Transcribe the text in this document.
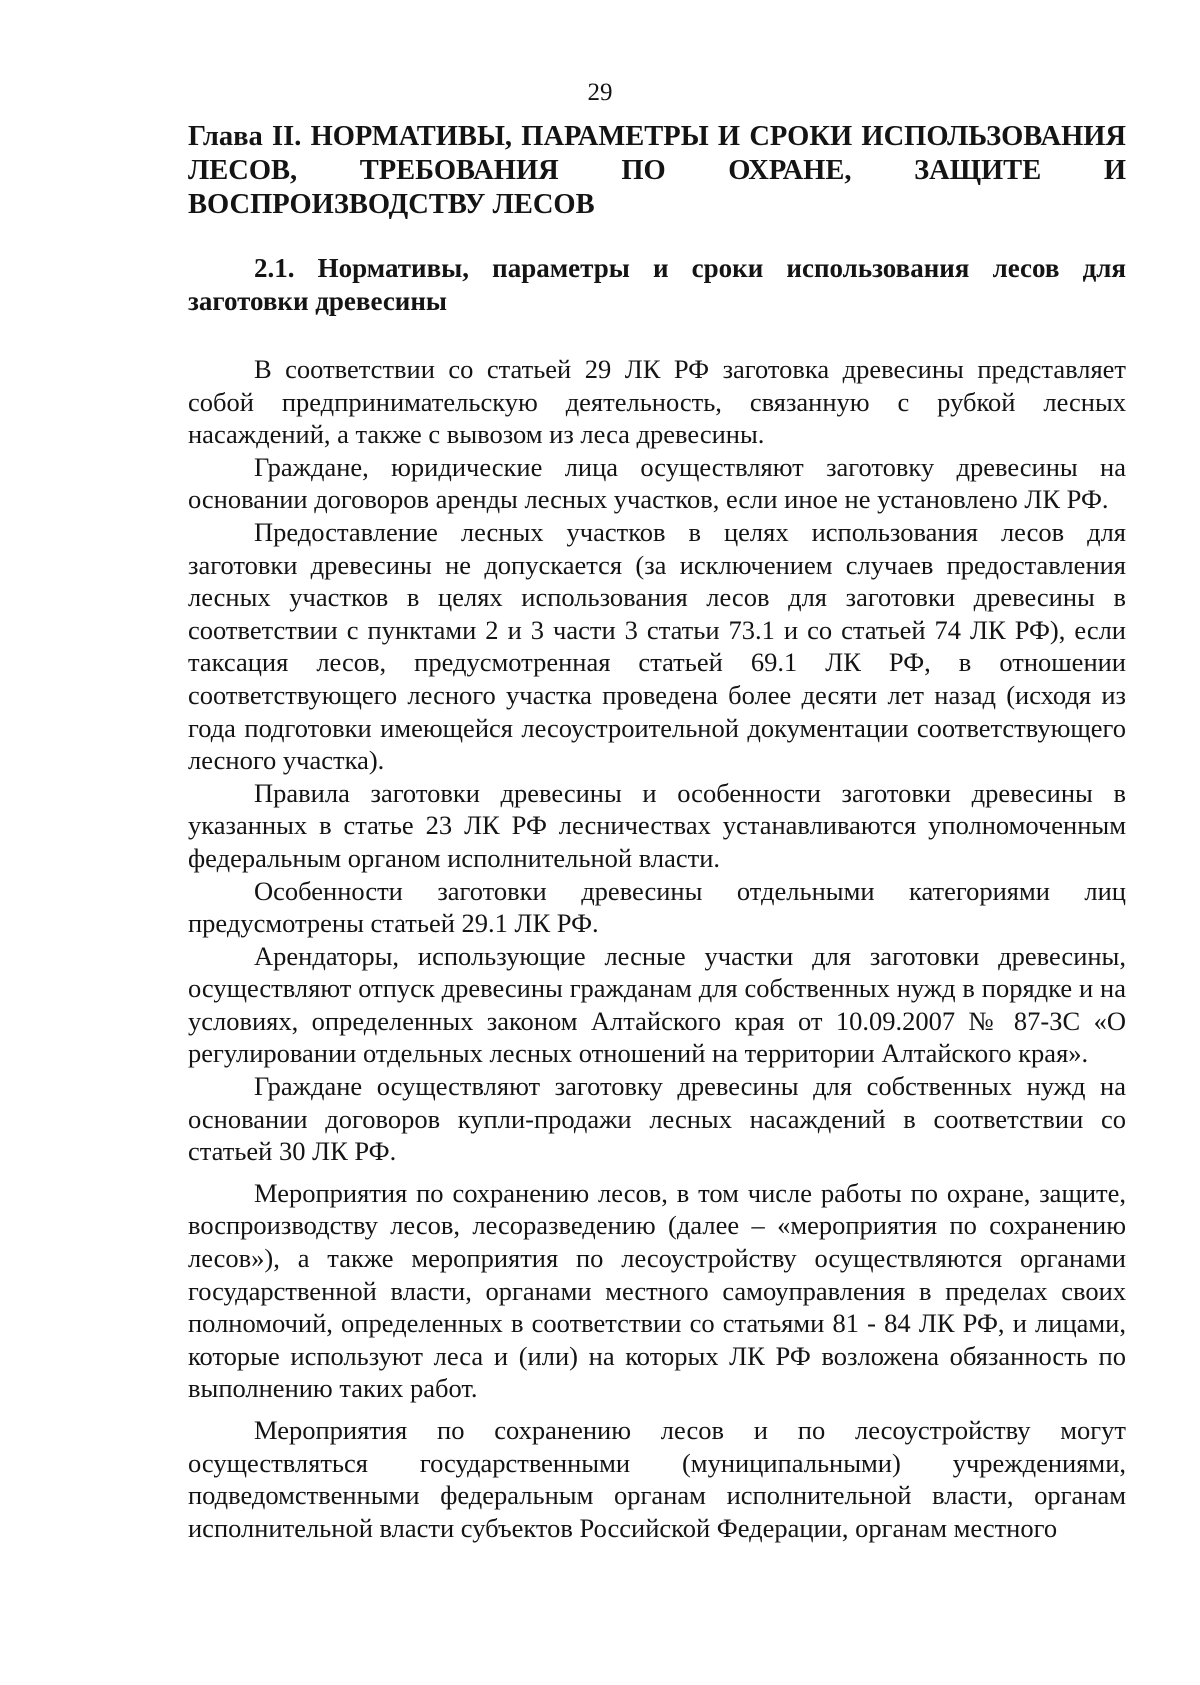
29
Глава II. НОРМАТИВЫ, ПАРАМЕТРЫ И СРОКИ ИСПОЛЬЗОВАНИЯ ЛЕСОВ, ТРЕБОВАНИЯ ПО ОХРАНЕ, ЗАЩИТЕ И ВОСПРОИЗВОДСТВУ ЛЕСОВ
2.1. Нормативы, параметры и сроки использования лесов для заготовки древесины

В соответствии со статьей 29 ЛК РФ заготовка древесины представляет собой предпринимательскую деятельность, связанную с рубкой лесных насаждений, а также с вывозом из леса древесины.

Граждане, юридические лица осуществляют заготовку древесины на основании договоров аренды лесных участков, если иное не установлено ЛК РФ.

Предоставление лесных участков в целях использования лесов для заготовки древесины не допускается (за исключением случаев предоставления лесных участков в целях использования лесов для заготовки древесины в соответствии с пунктами 2 и 3 части 3 статьи 73.1 и со статьей 74 ЛК РФ), если таксация лесов, предусмотренная статьей 69.1 ЛК РФ, в отношении соответствующего лесного участка проведена более десяти лет назад (исходя из года подготовки имеющейся лесоустроительной документации соответствующего лесного участка).

Правила заготовки древесины и особенности заготовки древесины в указанных в статье 23 ЛК РФ лесничествах устанавливаются уполномоченным федеральным органом исполнительной власти.

Особенности заготовки древесины отдельными категориями лиц предусмотрены статьей 29.1 ЛК РФ.

Арендаторы, использующие лесные участки для заготовки древесины, осуществляют отпуск древесины гражданам для собственных нужд в порядке и на условиях, определенных законом Алтайского края от 10.09.2007 № 87-ЗС «О регулировании отдельных лесных отношений на территории Алтайского края».

Граждане осуществляют заготовку древесины для собственных нужд на основании договоров купли-продажи лесных насаждений в соответствии со статьей 30 ЛК РФ.

Мероприятия по сохранению лесов, в том числе работы по охране, защите, воспроизводству лесов, лесоразведению (далее – «мероприятия по сохранению лесов»), а также мероприятия по лесоустройству осуществляются органами государственной власти, органами местного самоуправления в пределах своих полномочий, определенных в соответствии со статьями 81 - 84 ЛК РФ, и лицами, которые используют леса и (или) на которых ЛК РФ возложена обязанность по выполнению таких работ.

Мероприятия по сохранению лесов и по лесоустройству могут осуществляться государственными (муниципальными) учреждениями, подведомственными федеральным органам исполнительной власти, органам исполнительной власти субъектов Российской Федерации, органам местного
